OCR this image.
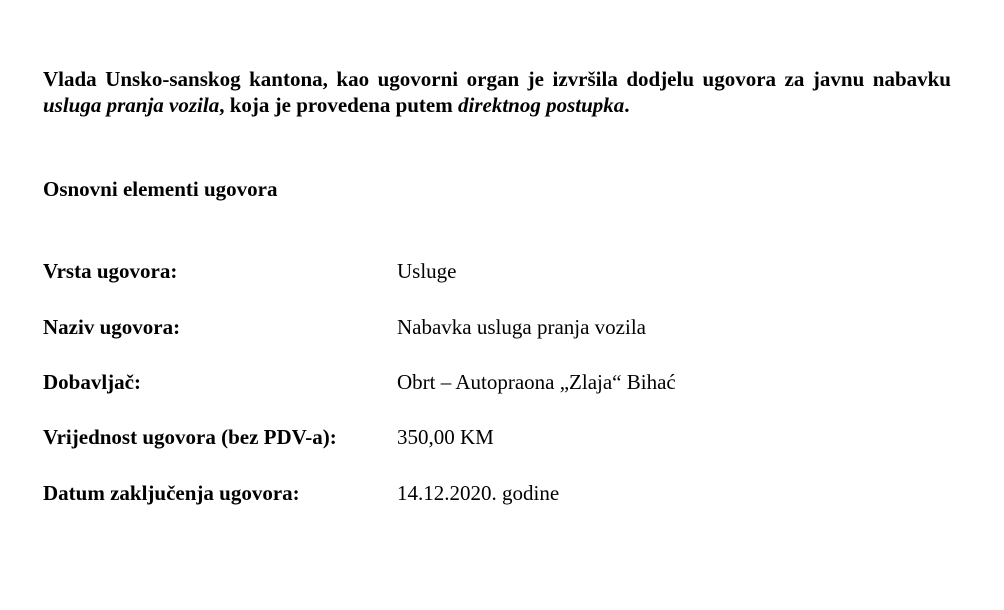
Vlada Unsko-sanskog kantona, kao ugovorni organ je izvršila dodjelu ugovora za javnu nabavku usluga pranja vozila, koja je provedena putem direktnog postupka.

Osnovni elementi ugovora
Vrsta ugovora:	Usluge
Naziv ugovora:	Nabavka usluga pranja vozila
Dobavljač:	Obrt – Autopraona „Zlaja“ Bihać
Vrijednost ugovora (bez PDV-a):	350,00 KM
Datum zaključenja ugovora:	14.12.2020. godine
